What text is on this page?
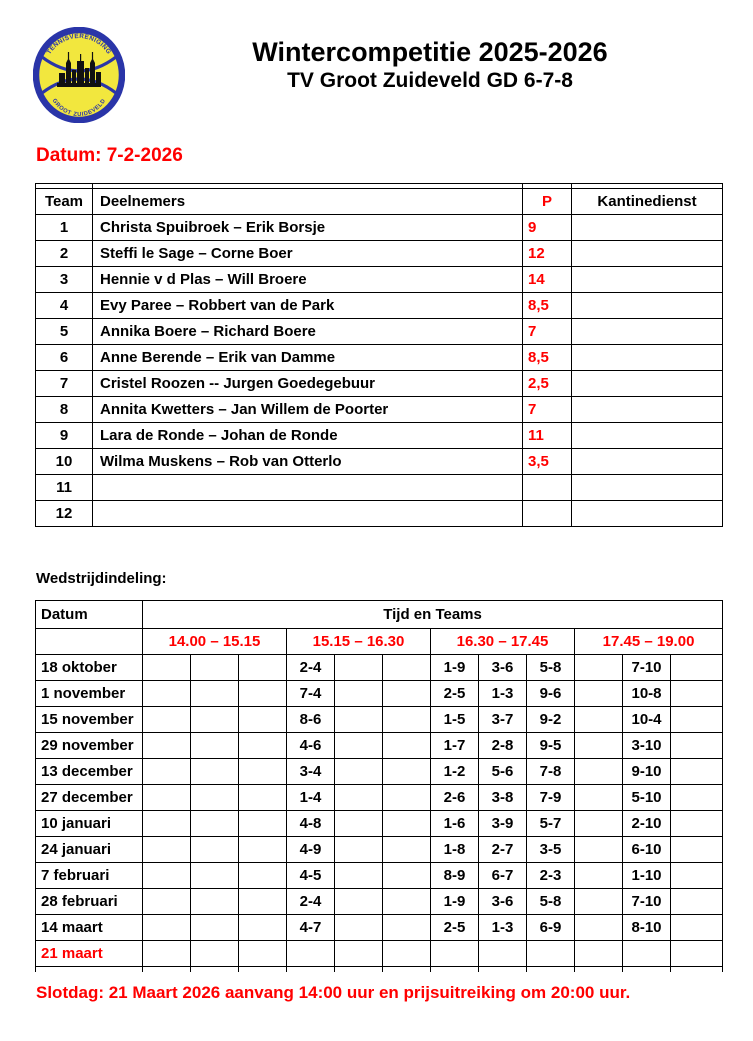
TENNISVERENIGING
GROOT ZUIDEVELD
Wintercompetitie 2025-2026
TV Groot Zuideveld GD 6-7-8
Datum: 7-2-2026

Team	Deelnemers	P	Kantinedienst
1	Christa Spuibroek – Erik Borsje	9	
2	Steffi le Sage – Corne Boer	12	
3	Hennie v d Plas – Will Broere	14	
4	Evy Paree – Robbert van de Park	8,5	
5	Annika Boere – Richard Boere	7	
6	Anne Berende – Erik van Damme	8,5	
7	Cristel Roozen -- Jurgen Goedegebuur	2,5	
8	Annita Kwetters – Jan Willem de Poorter	7	
9	Lara de Ronde – Johan de Ronde	11	
10	Wilma Muskens – Rob van Otterlo	3,5	
11			
12			
Wedstrijdindeling:
Datum	Tijd en Teams											
	14.00 – 15.15			15.15 – 16.30			16.30 – 17.45			17.45 – 19.00		
18 oktober				2-4			1-9	3-6	5-8		7-10	
1 november				7-4			2-5	1-3	9-6		10-8	
15 november				8-6			1-5	3-7	9-2		10-4	
29 november				4-6			1-7	2-8	9-5		3-10	
13 december				3-4			1-2	5-6	7-8		9-10	
27 december				1-4			2-6	3-8	7-9		5-10	
10 januari				4-8			1-6	3-9	5-7		2-10	
24 januari				4-9			1-8	2-7	3-5		6-10	
7 februari				4-5			8-9	6-7	2-3		1-10	
28 februari				2-4			1-9	3-6	5-8		7-10	
14 maart				4-7			2-5	1-3	6-9		8-10	
21 maart												

Slotdag: 21 Maart 2026 aanvang 14:00 uur en prijsuitreiking om 20:00 uur.
